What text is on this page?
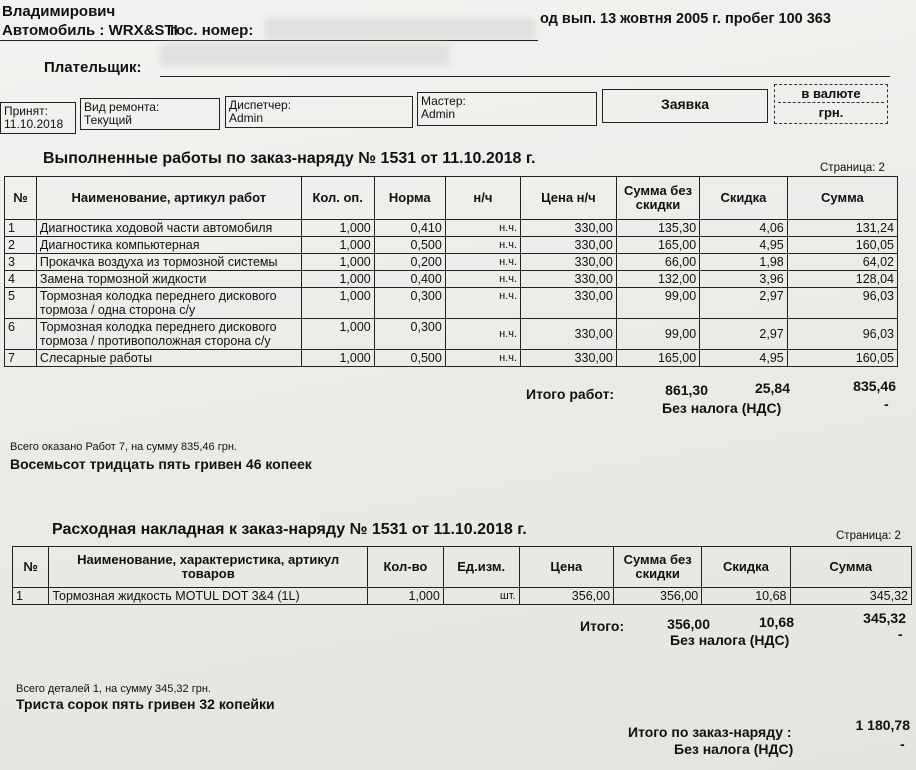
Владимирович
Автомобиль : WRX&STI
гос. номер:
од вып. 13 жовтня 2005 г. пробег 100 363
Плательщик:
Принят:
11.10.2018
Вид ремонта:
Текущий
Диспетчер:
Admin
Мастер:
Admin
Заявка
в валюте
грн.
Выполненные работы по заказ-наряду № 1531 от 11.10.2018 г.
Страница: 2
№	Наименование, артикул работ	Кол. оп.	Норма	н/ч	Цена н/ч	Сумма без скидки	Скидка	Сумма
1	Диагностика ходовой части автомобиля	1,000	0,410	н.ч.	330,00	135,30	4,06	131,24
2	Диагностика компьютерная	1,000	0,500	н.ч.	330,00	165,00	4,95	160,05
3	Прокачка воздуха из тормозной системы	1,000	0,200	н.ч.	330,00	66,00	1,98	64,02
4	Замена тормозной жидкости	1,000	0,400	н.ч.	330,00	132,00	3,96	128,04
5	Тормозная колодка переднего дискового тормоза / одна сторона с/у	1,000	0,300	н.ч.	330,00	99,00	2,97	96,03
6	Тормозная колодка переднего дискового тормоза / противоположная сторона с/у	1,000	0,300	н.ч.	330,00	99,00	2,97	96,03
7	Слесарные работы	1,000	0,500	н.ч.	330,00	165,00	4,95	160,05
Итого работ:	861,30	25,84	835,46
Без налога (НДС)	-
Всего оказано Работ 7, на сумму 835,46 грн.
Восемьсот тридцать пять гривен 46 копеек
Расходная накладная к заказ-наряду № 1531 от 11.10.2018 г.	Страница: 2
№	Наименование, характеристика, артикул товаров	Кол-во	Ед.изм.	Цена	Сумма без скидки	Скидка	Сумма
1	Тормозная жидкость MOTUL DOT 3&4 (1L)	1,000	шт.	356,00	356,00	10,68	345,32
Итого:	356,00	10,68	345,32
Без налога (НДС)	-
Всего деталей 1, на сумму 345,32 грн.
Триста сорок пять гривен 32 копейки
Итого по заказ-наряду :	1 180,78
Без налога (НДС)	-
